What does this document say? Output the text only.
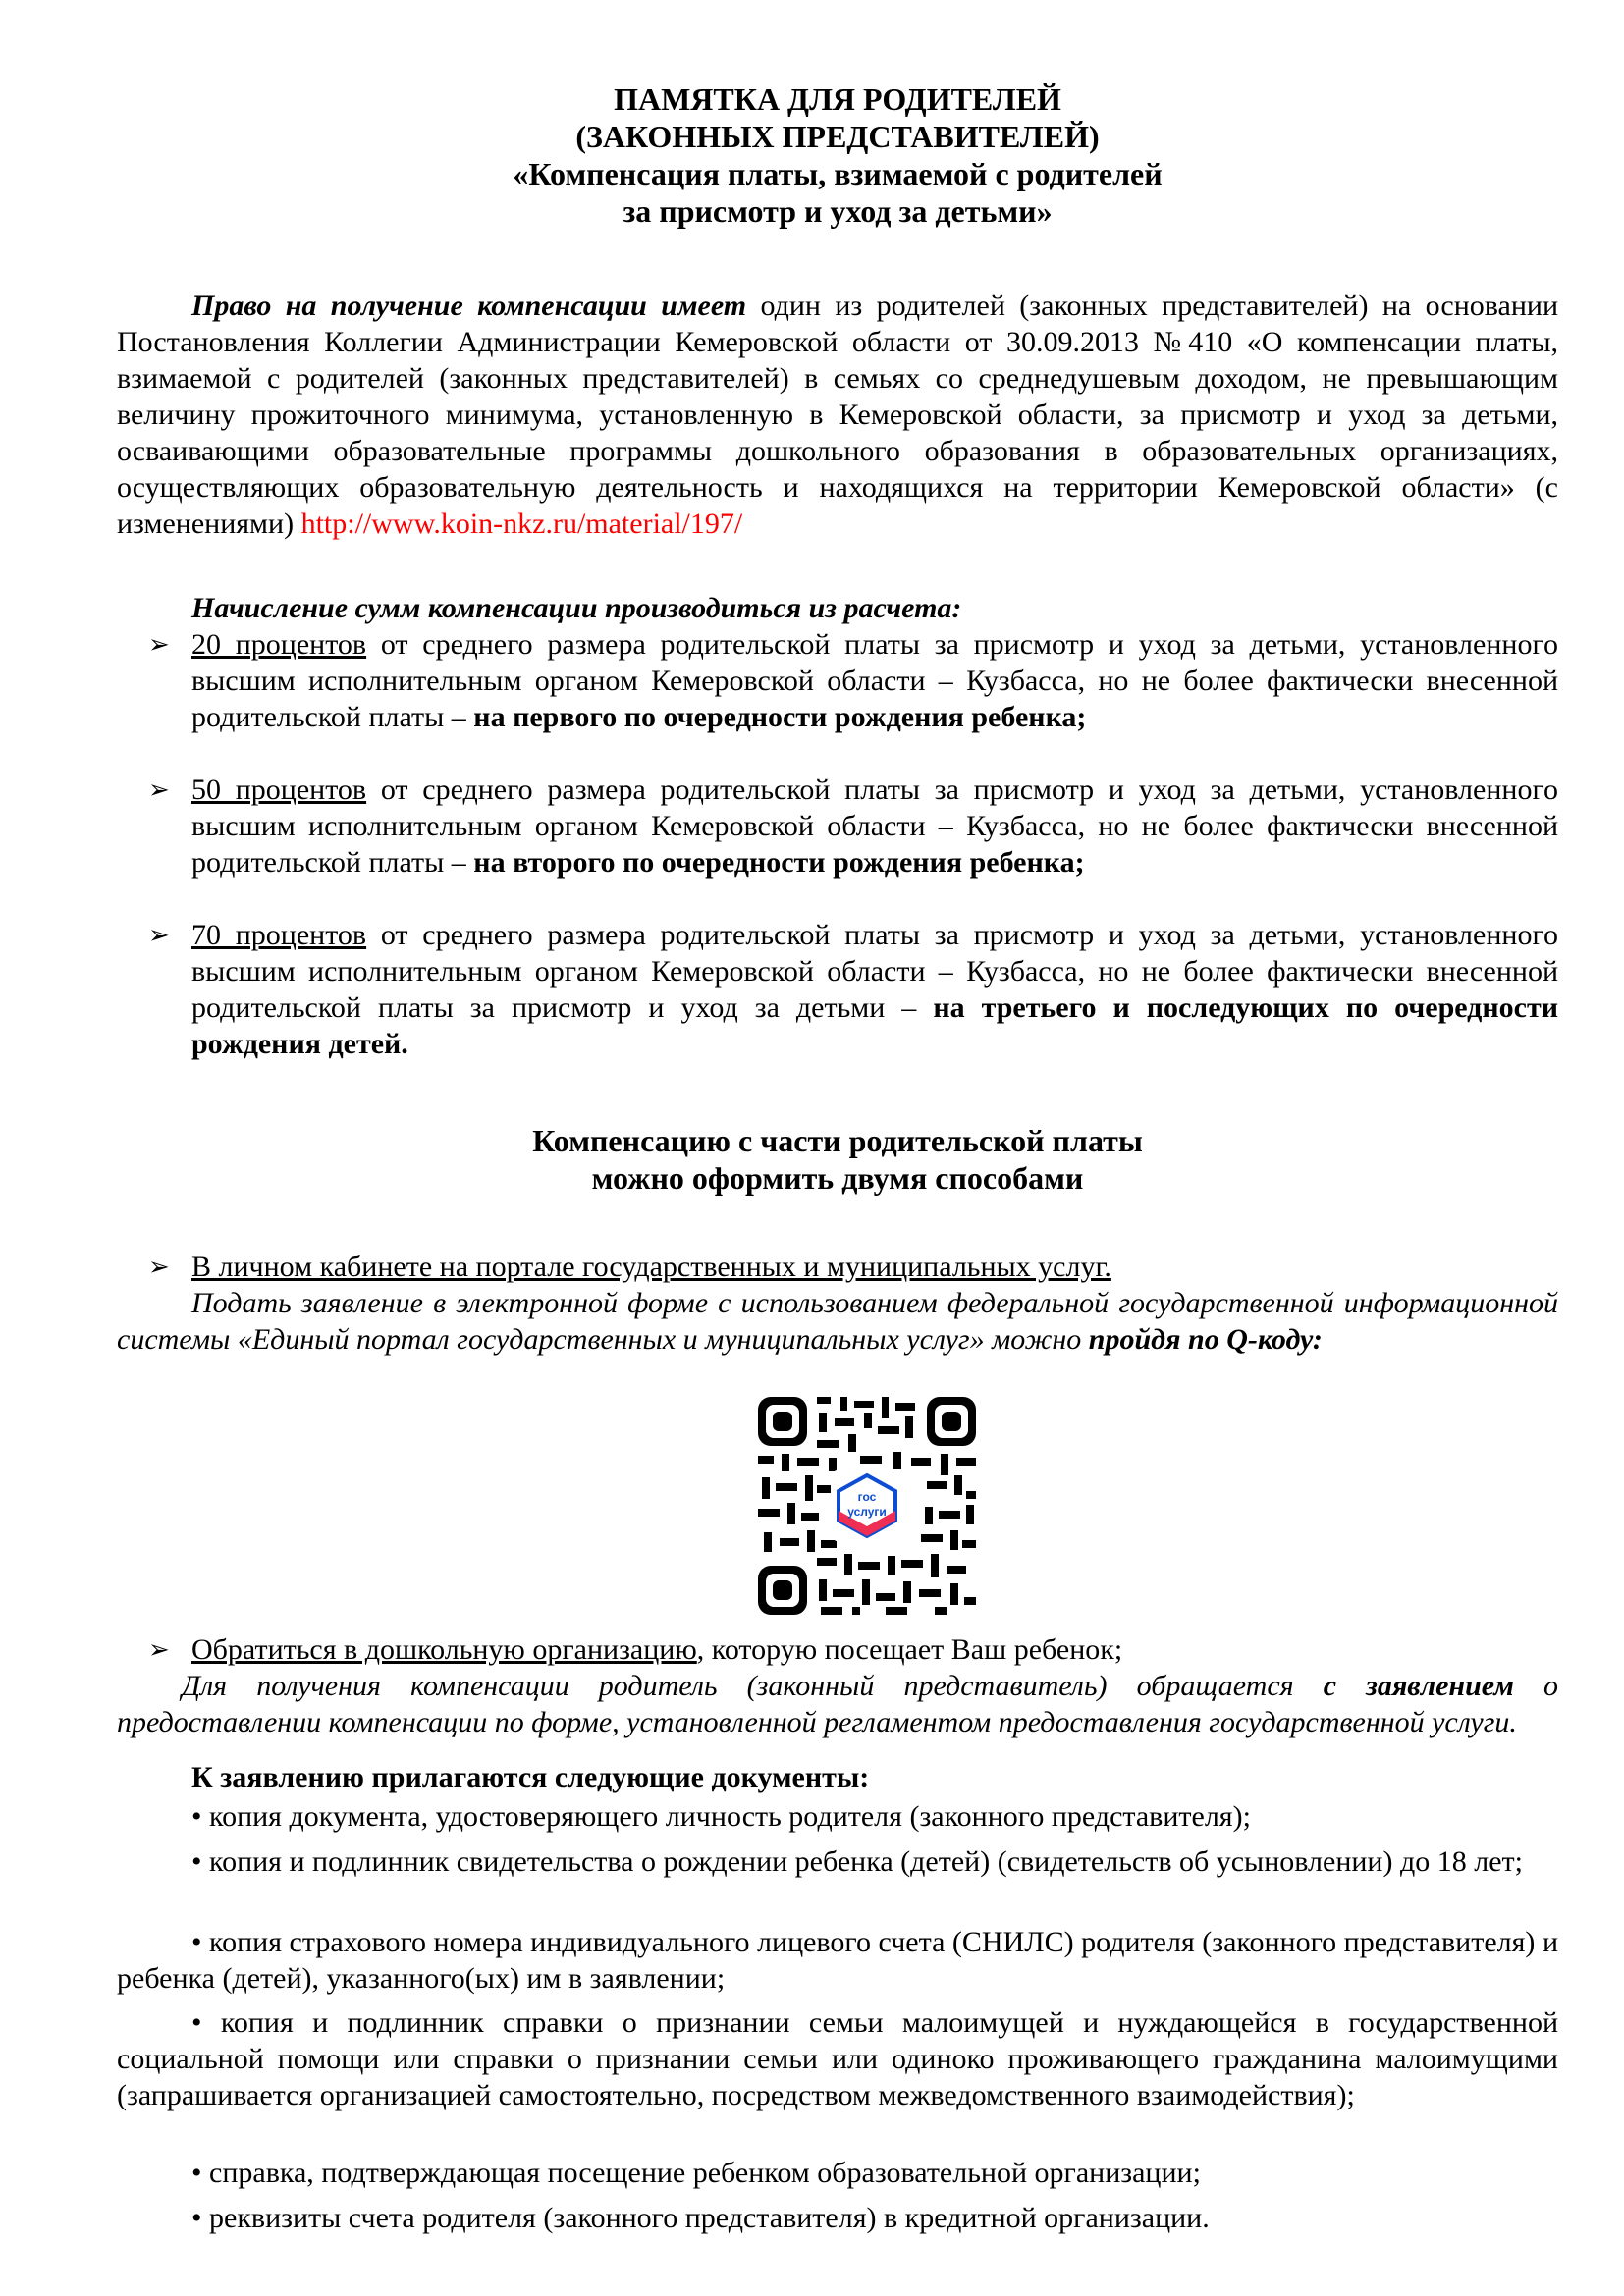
ПАМЯТКА ДЛЯ РОДИТЕЛЕЙ
(ЗАКОННЫХ ПРЕДСТАВИТЕЛЕЙ)
«Компенсация платы, взимаемой с родителей
за присмотр и уход за детьми»
Право на получение компенсации имеет один из родителей (законных представителей) на основании Постановления Коллегии Администрации Кемеровской области от 30.09.2013 №410 «О компенсации платы, взимаемой с родителей (законных представителей) в семьях со среднедушевым доходом, не превышающим величину прожиточного минимума, установленную в Кемеровской области, за присмотр и уход за детьми, осваивающими образовательные программы дошкольного образования в образовательных организациях, осуществляющих образовательную деятельность и находящихся на территории Кемеровской области» (с изменениями) http://www.koin-nkz.ru/material/197/
Начисление сумм компенсации производиться из расчета:
➢ 20 процентов от среднего размера родительской платы за присмотр и уход за детьми, установленного высшим исполнительным органом Кемеровской области – Кузбасса, но не более фактически внесенной родительской платы – на первого по очередности рождения ребенка;
➢ 50 процентов от среднего размера родительской платы за присмотр и уход за детьми, установленного высшим исполнительным органом Кемеровской области – Кузбасса, но не более фактически внесенной родительской платы – на второго по очередности рождения ребенка;
➢ 70 процентов от среднего размера родительской платы за присмотр и уход за детьми, установленного высшим исполнительным органом Кемеровской области – Кузбасса, но не более фактически внесенной родительской платы за присмотр и уход за детьми – на третьего и последующих по очередности рождения детей.
Компенсацию с части родительской платы
можно оформить двумя способами
➢ В личном кабинете на портале государственных и муниципальных услуг.
Подать заявление в электронной форме с использованием федеральной государственной информационной системы «Единый портал государственных и муниципальных услуг» можно пройдя по Q-коду:
гос
услуги
➢ Обратиться в дошкольную организацию, которую посещает Ваш ребенок;
Для получения компенсации родитель (законный представитель) обращается с заявлением о предоставлении компенсации по форме, установленной регламентом предоставления государственной услуги.
К заявлению прилагаются следующие документы:
• копия документа, удостоверяющего личность родителя (законного представителя);
• копия и подлинник свидетельства о рождении ребенка (детей) (свидетельств об усыновлении) до 18 лет;
• копия страхового номера индивидуального лицевого счета (СНИЛС) родителя (законного представителя) и ребенка (детей), указанного(ых) им в заявлении;
• копия и подлинник справки о признании семьи малоимущей и нуждающейся в государственной социальной помощи или справки о признании семьи или одиноко проживающего гражданина малоимущими (запрашивается организацией самостоятельно, посредством межведомственного взаимодействия);
• справка, подтверждающая посещение ребенком образовательной организации;
• реквизиты счета родителя (законного представителя) в кредитной организации.
